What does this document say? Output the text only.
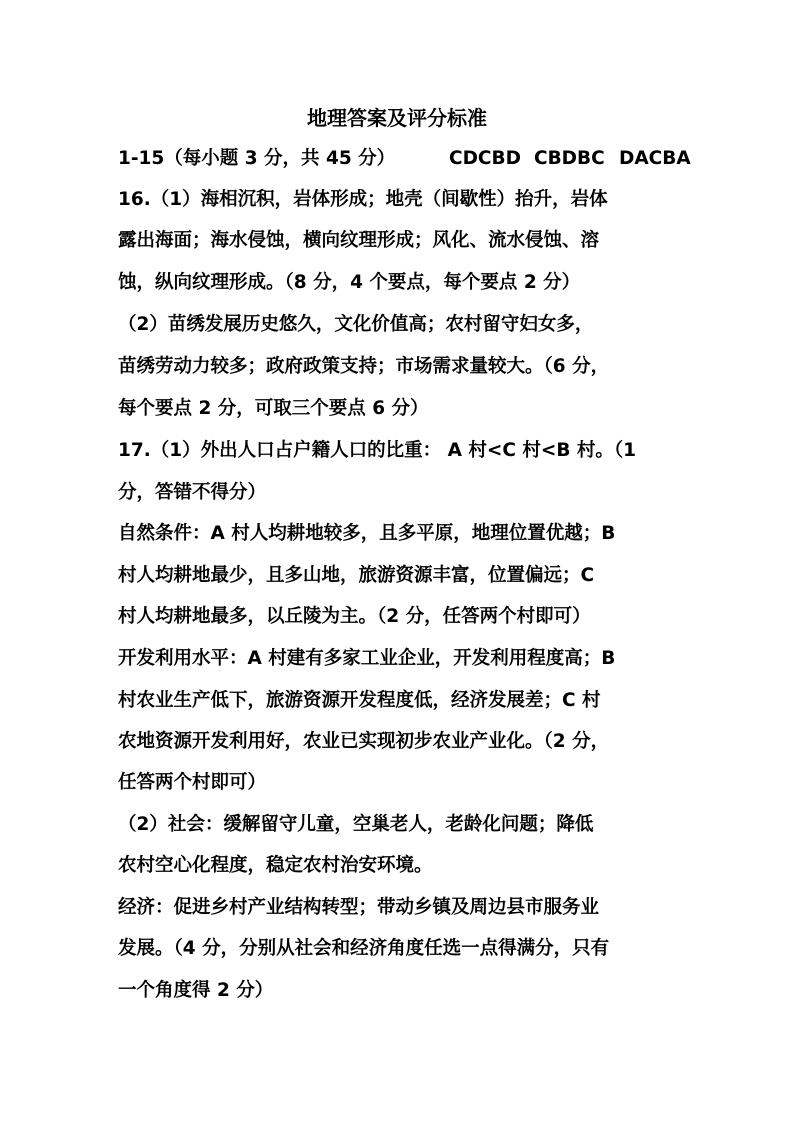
地理答案及评分标准
1-15（每小题 3 分，共 45 分）	CDCBD CBDBC DACBA
16.（1）海相沉积，岩体形成；地壳（间歇性）抬升，岩体
露出海面；海水侵蚀，横向纹理形成；风化、流水侵蚀、溶
蚀，纵向纹理形成。（8 分，4 个要点，每个要点 2 分）
（2）苗绣发展历史悠久，文化价值高；农村留守妇女多，
苗绣劳动力较多；政府政策支持；市场需求量较大。（6 分，
每个要点 2 分，可取三个要点 6 分）
17.（1）外出人口占户籍人口的比重： A 村<C 村<B 村。（1
分，答错不得分）
自然条件：A 村人均耕地较多，且多平原，地理位置优越；B
村人均耕地最少，且多山地，旅游资源丰富，位置偏远；C
村人均耕地最多，以丘陵为主。（2 分，任答两个村即可）
开发利用水平：A 村建有多家工业企业，开发利用程度高；B
村农业生产低下，旅游资源开发程度低，经济发展差；C 村
农地资源开发利用好，农业已实现初步农业产业化。（2 分，
任答两个村即可）
（2）社会：缓解留守儿童，空巢老人，老龄化问题；降低
农村空心化程度，稳定农村治安环境。
经济：促进乡村产业结构转型；带动乡镇及周边县市服务业
发展。（4 分，分别从社会和经济角度任选一点得满分，只有
一个角度得 2 分）
